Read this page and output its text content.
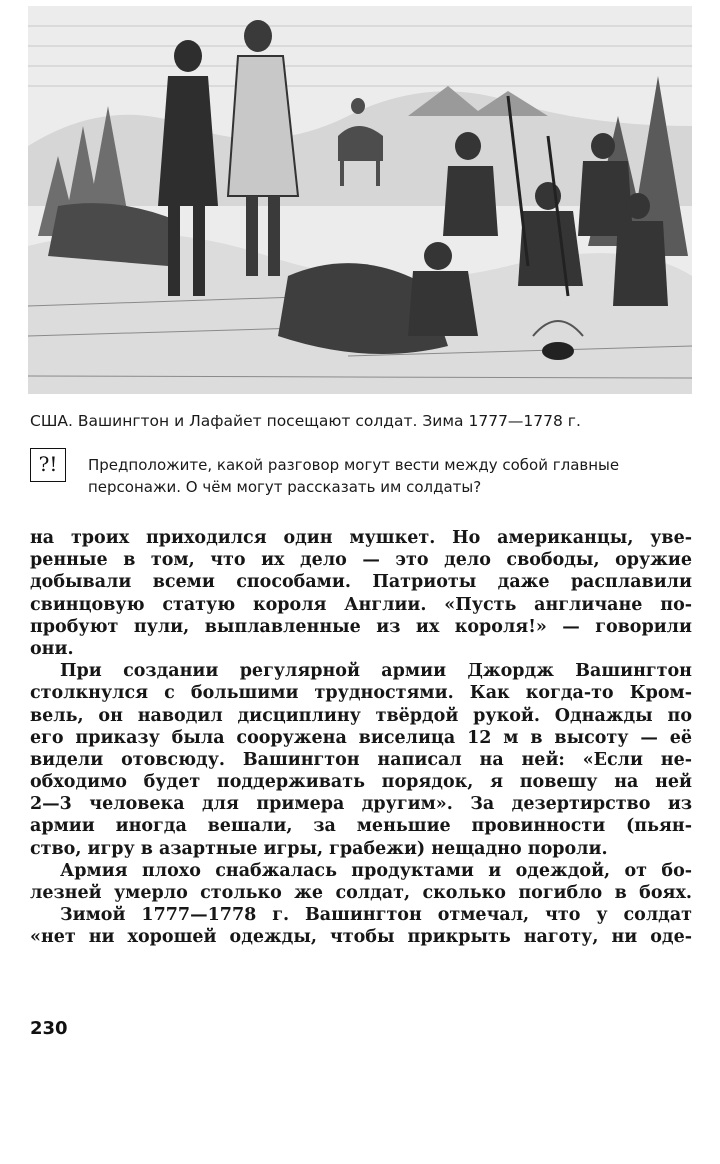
США. Вашингтон и Лафайет посещают солдат. Зима 1777—1778 г.
?!	Предположите, какой разговор могут вести между собой главные
персонажи. О чём могут рассказать им солдаты?
на троих приходился один мушкет. Но американцы, уве-
ренные в том, что их дело — это дело свободы, оружие
добывали всеми способами. Патриоты даже расплавили
свинцовую статую короля Англии. «Пусть англичане по-
пробуют пули, выплавленные из их короля!» — говорили
они.
При создании регулярной армии Джордж Вашингтон
столкнулся с большими трудностями. Как когда-то Кром-
вель, он наводил дисциплину твёрдой рукой. Однажды по
его приказу была сооружена виселица 12 м в высоту — её
видели отовсюду. Вашингтон написал на ней: «Если не-
обходимо будет поддерживать порядок, я повешу на ней
2—3 человека для примера другим». За дезертирство из
армии иногда вешали, за меньшие провинности (пьян-
ство, игру в азартные игры, грабежи) нещадно пороли.
Армия плохо снабжалась продуктами и одеждой, от бо-
лезней умерло столько же солдат, сколько погибло в боях.
Зимой 1777—1778 г. Вашингтон отмечал, что у солдат
«нет ни хорошей одежды, чтобы прикрыть наготу, ни оде-
230
